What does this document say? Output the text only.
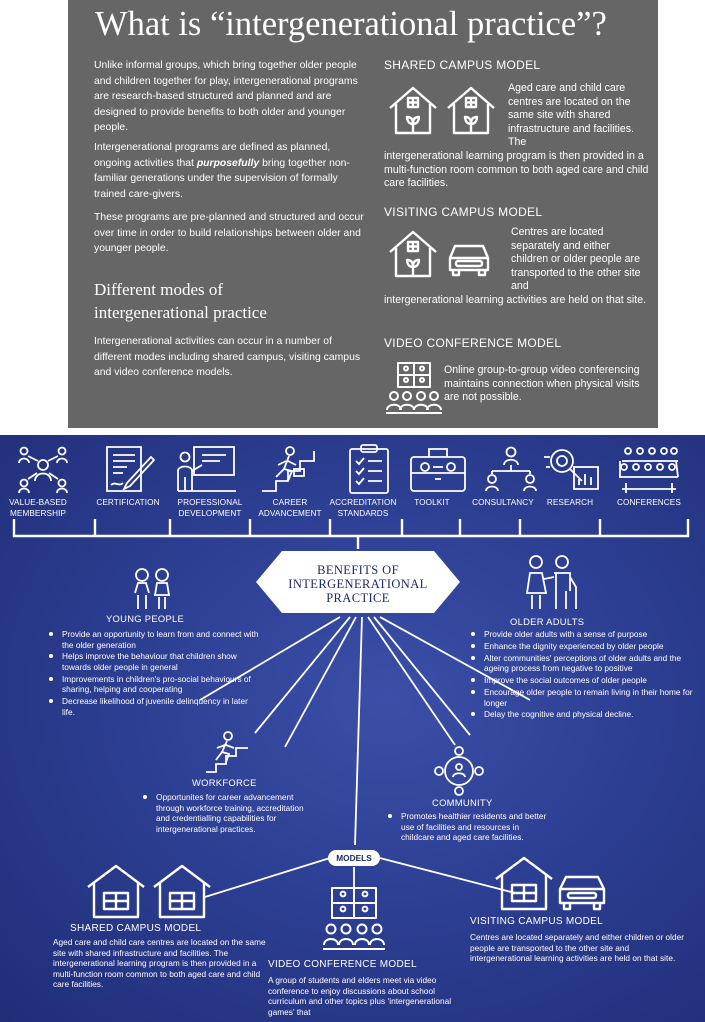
What is “intergenerational practice”?

Unlike informal groups, which bring together older people and children together for play, intergenerational programs are research-based structured and planned and are designed to provide benefits to both older and younger people.

Intergenerational programs are defined as planned, ongoing activities that purposefully bring together non-familiar generations under the supervision of formally trained care-givers.

These programs are pre-planned and structured and occur over time in order to build relationships between older and younger people.

Different modes of intergenerational practice

Intergenerational activities can occur in a number of different modes including shared campus, visiting campus and video conference models.

SHARED CAMPUS MODEL

Aged care and child care centres are located on the same site with shared infrastructure and facilities. The

intergenerational learning program is then provided in a multi-function room common to both aged care and child care facilities.

VISITING CAMPUS MODEL

Centres are located separately and either children or older people are transported to the other site and

intergenerational learning activities are held on that site.

VIDEO CONFERENCE MODEL

Online group-to-group video conferencing maintains connection when physical visits are not possible.

VALUE-BASED MEMBERSHIP
CERTIFICATION	PROFESSIONAL DEVELOPMENT
CAREER ADVANCEMENT
ACCREDITATION STANDARDS
TOOLKIT	CONSULTANCY	RESEARCH	CONFERENCES
BENEFITS OF INTERGENERATIONAL PRACTICE
YOUNG PEOPLE
Provide an opportunity to learn from and connect with the older generation
Helps improve the behaviour that children show towards older people in general
Improvements in children's pro-social behaviours of sharing, helping and cooperating
Decrease likelihood of juvenile delinquency in later life.
OLDER ADULTS
Provide older adults with a sense of purpose
Enhance the dignity experienced by older people
Alter communities' perceptions of older adults and the ageing process from negative to positive
Improve the social outcomes of older people
Encourage older people to remain living in their home for longer
Delay the cognitive and physical decline.
WORKFORCE
Opportunites for career advancement through workforce training, accreditation and credentialling capabilities for intergenerational practices.
COMMUNITY
Promotes healthier residents and better use of facilities and resources in childcare and aged care facilities.
MODELS
SHARED CAMPUS MODEL

Aged care and child care centres are located on the same site with shared infrastructure and facilities. The intergenerational learning program is then provided in a multi-function room common to both aged care and child care facilities.

VIDEO CONFERENCE MODEL

A group of students and elders meet via video conference to enjoy discussions about school curriculum and other topics plus ‘intergenerational games’ that

VISITING CAMPUS MODEL

Centres are located separately and either children or older people are transported to the other site and intergenerational learning activities are held on that site.
